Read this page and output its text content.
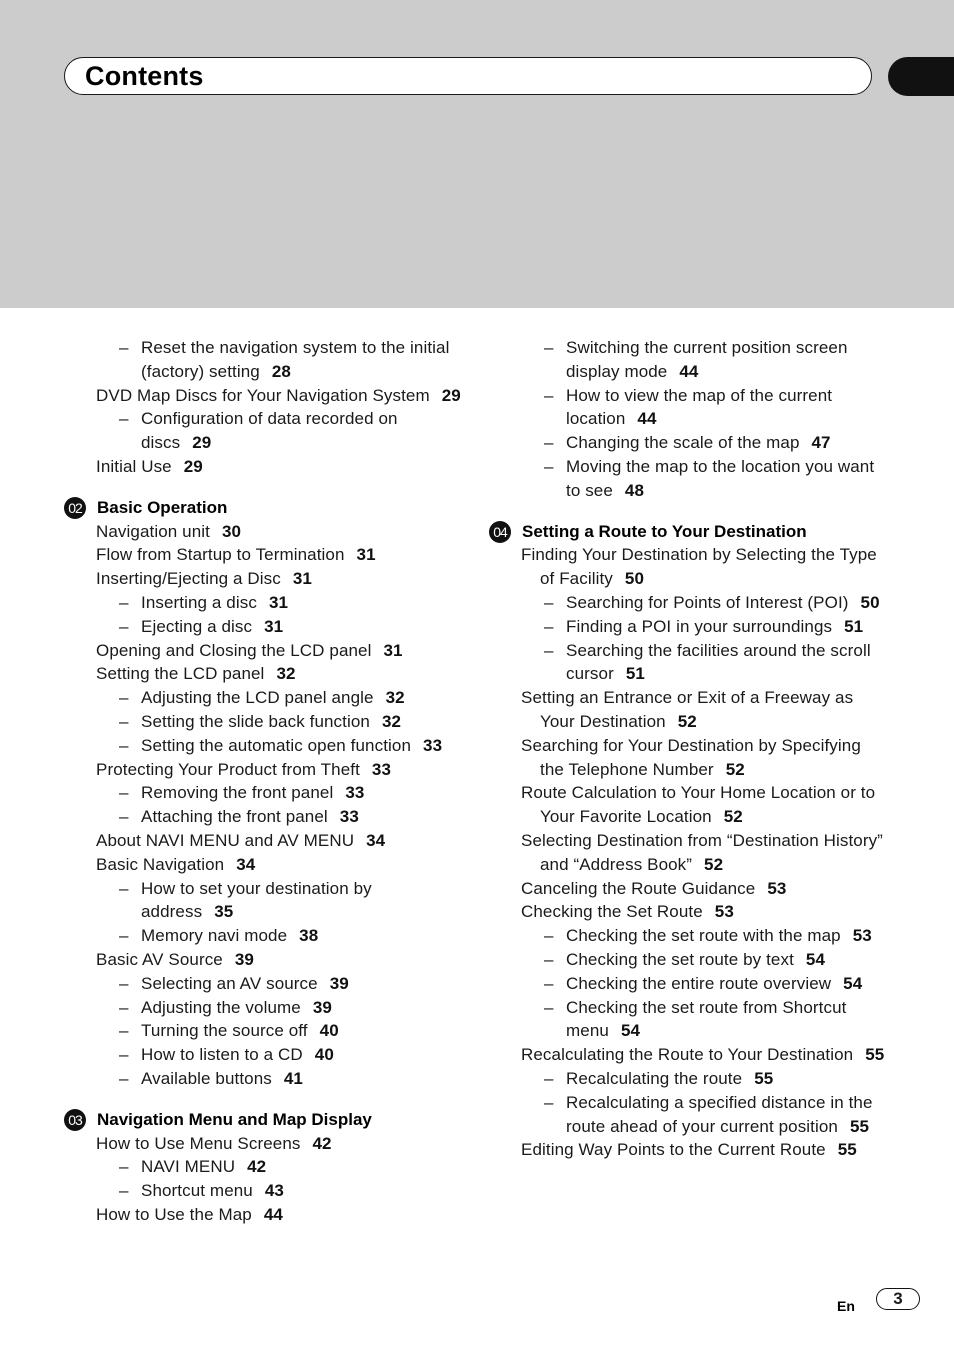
Contents
– Reset the navigation system to the initial (factory) setting 28
DVD Map Discs for Your Navigation System 29
– Configuration of data recorded on discs 29
Initial Use 29
02 Basic Operation
Navigation unit 30
Flow from Startup to Termination 31
Inserting/Ejecting a Disc 31
– Inserting a disc 31
– Ejecting a disc 31
Opening and Closing the LCD panel 31
Setting the LCD panel 32
– Adjusting the LCD panel angle 32
– Setting the slide back function 32
– Setting the automatic open function 33
Protecting Your Product from Theft 33
– Removing the front panel 33
– Attaching the front panel 33
About NAVI MENU and AV MENU 34
Basic Navigation 34
– How to set your destination by address 35
– Memory navi mode 38
Basic AV Source 39
– Selecting an AV source 39
– Adjusting the volume 39
– Turning the source off 40
– How to listen to a CD 40
– Available buttons 41
03 Navigation Menu and Map Display
How to Use Menu Screens 42
– NAVI MENU 42
– Shortcut menu 43
How to Use the Map 44
– Switching the current position screen display mode 44
– How to view the map of the current location 44
– Changing the scale of the map 47
– Moving the map to the location you want to see 48
04 Setting a Route to Your Destination
Finding Your Destination by Selecting the Type of Facility 50
– Searching for Points of Interest (POI) 50
– Finding a POI in your surroundings 51
– Searching the facilities around the scroll cursor 51
Setting an Entrance or Exit of a Freeway as Your Destination 52
Searching for Your Destination by Specifying the Telephone Number 52
Route Calculation to Your Home Location or to Your Favorite Location 52
Selecting Destination from “Destination History” and “Address Book” 52
Canceling the Route Guidance 53
Checking the Set Route 53
– Checking the set route with the map 53
– Checking the set route by text 54
– Checking the entire route overview 54
– Checking the set route from Shortcut menu 54
Recalculating the Route to Your Destination 55
– Recalculating the route 55
– Recalculating a specified distance in the route ahead of your current position 55
Editing Way Points to the Current Route 55
En	3
